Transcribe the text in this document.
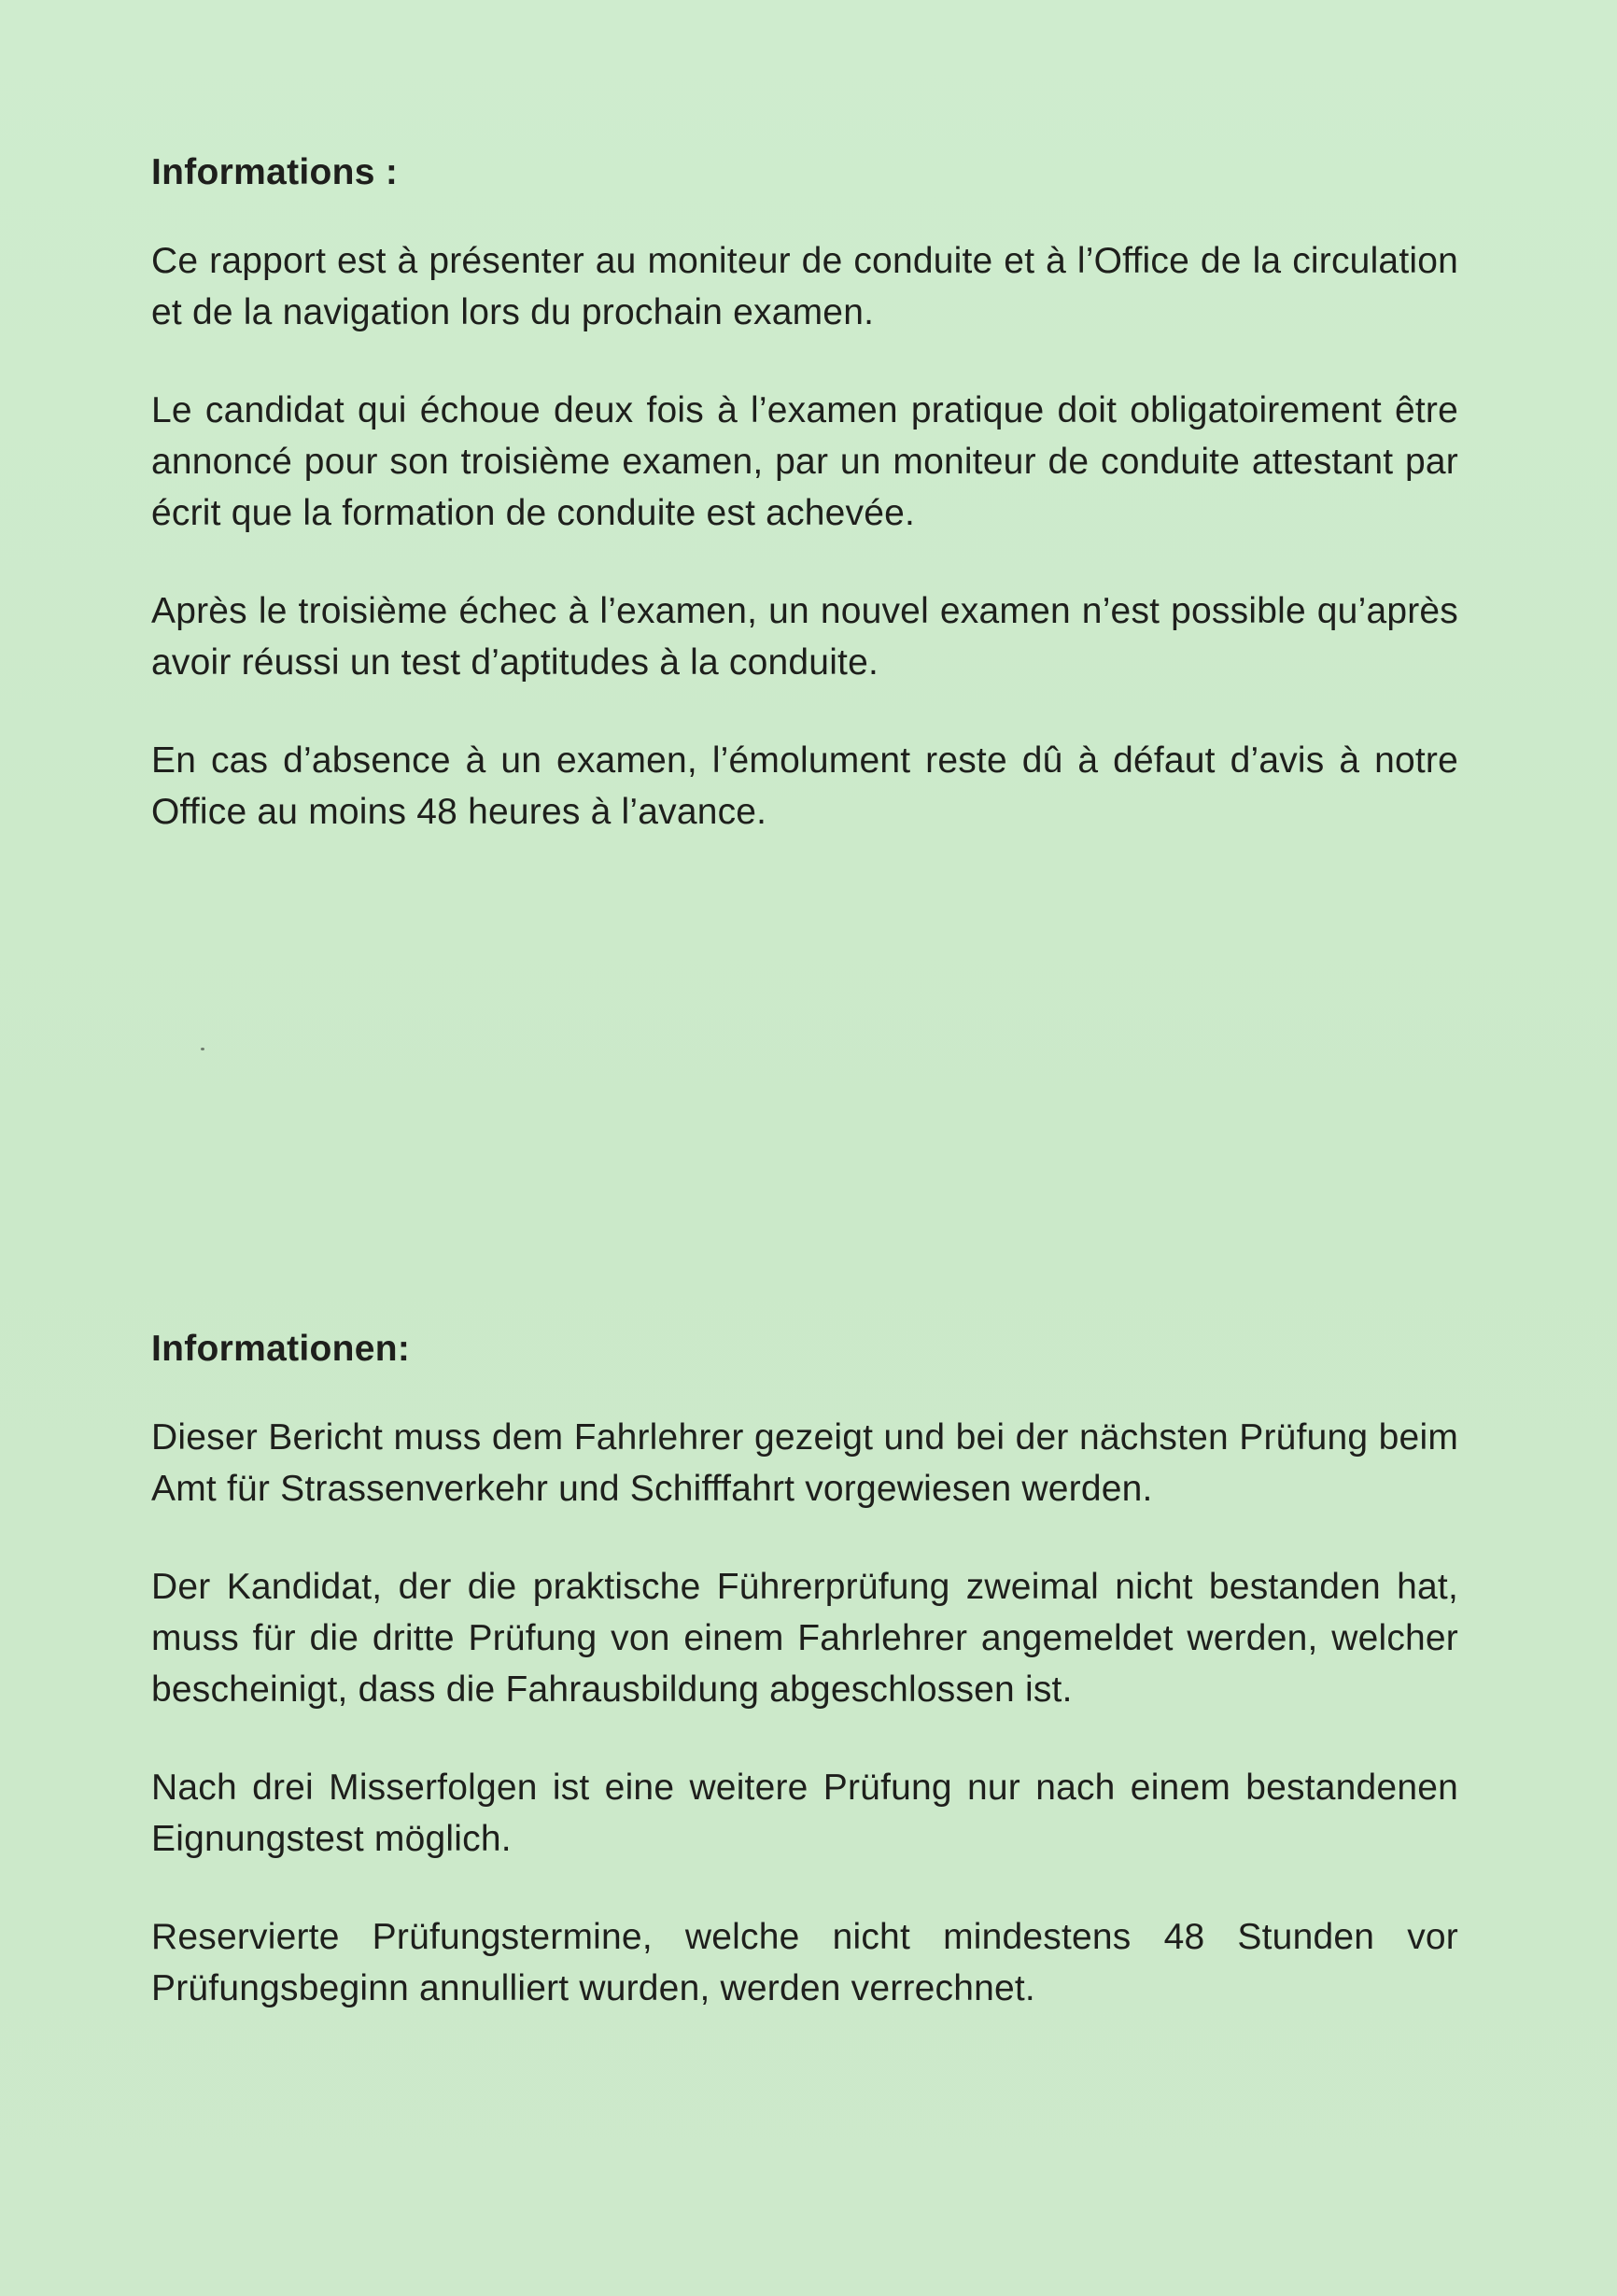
Informations :

Ce rapport est à présenter au moniteur de conduite et à l’Office de la circulation et de la navigation lors du prochain examen.

Le candidat qui échoue deux fois à l’examen pratique doit obligatoirement être annoncé pour son troisième examen, par un moniteur de conduite attestant par écrit que la formation de conduite est achevée.

Après le troisième échec à l’examen, un nouvel examen n’est possible qu’après avoir réussi un test d’aptitudes à la conduite.

En cas d’absence à un examen, l’émolument reste dû à défaut d’avis à notre Office au moins 48 heures à l’avance.

Informationen:

Dieser Bericht muss dem Fahrlehrer gezeigt und bei der nächsten Prüfung beim Amt für Strassenverkehr und Schifffahrt vorgewiesen werden.

Der Kandidat, der die praktische Führerprüfung zweimal nicht bestanden hat, muss für die dritte Prüfung von einem Fahrlehrer angemeldet werden, welcher bescheinigt, dass die Fahrausbildung abgeschlossen ist.

Nach drei Misserfolgen ist eine weitere Prüfung nur nach einem bestandenen Eignungstest möglich.

Reservierte Prüfungstermine, welche nicht mindestens 48 Stunden vor Prüfungsbeginn annulliert wurden, werden verrechnet.
